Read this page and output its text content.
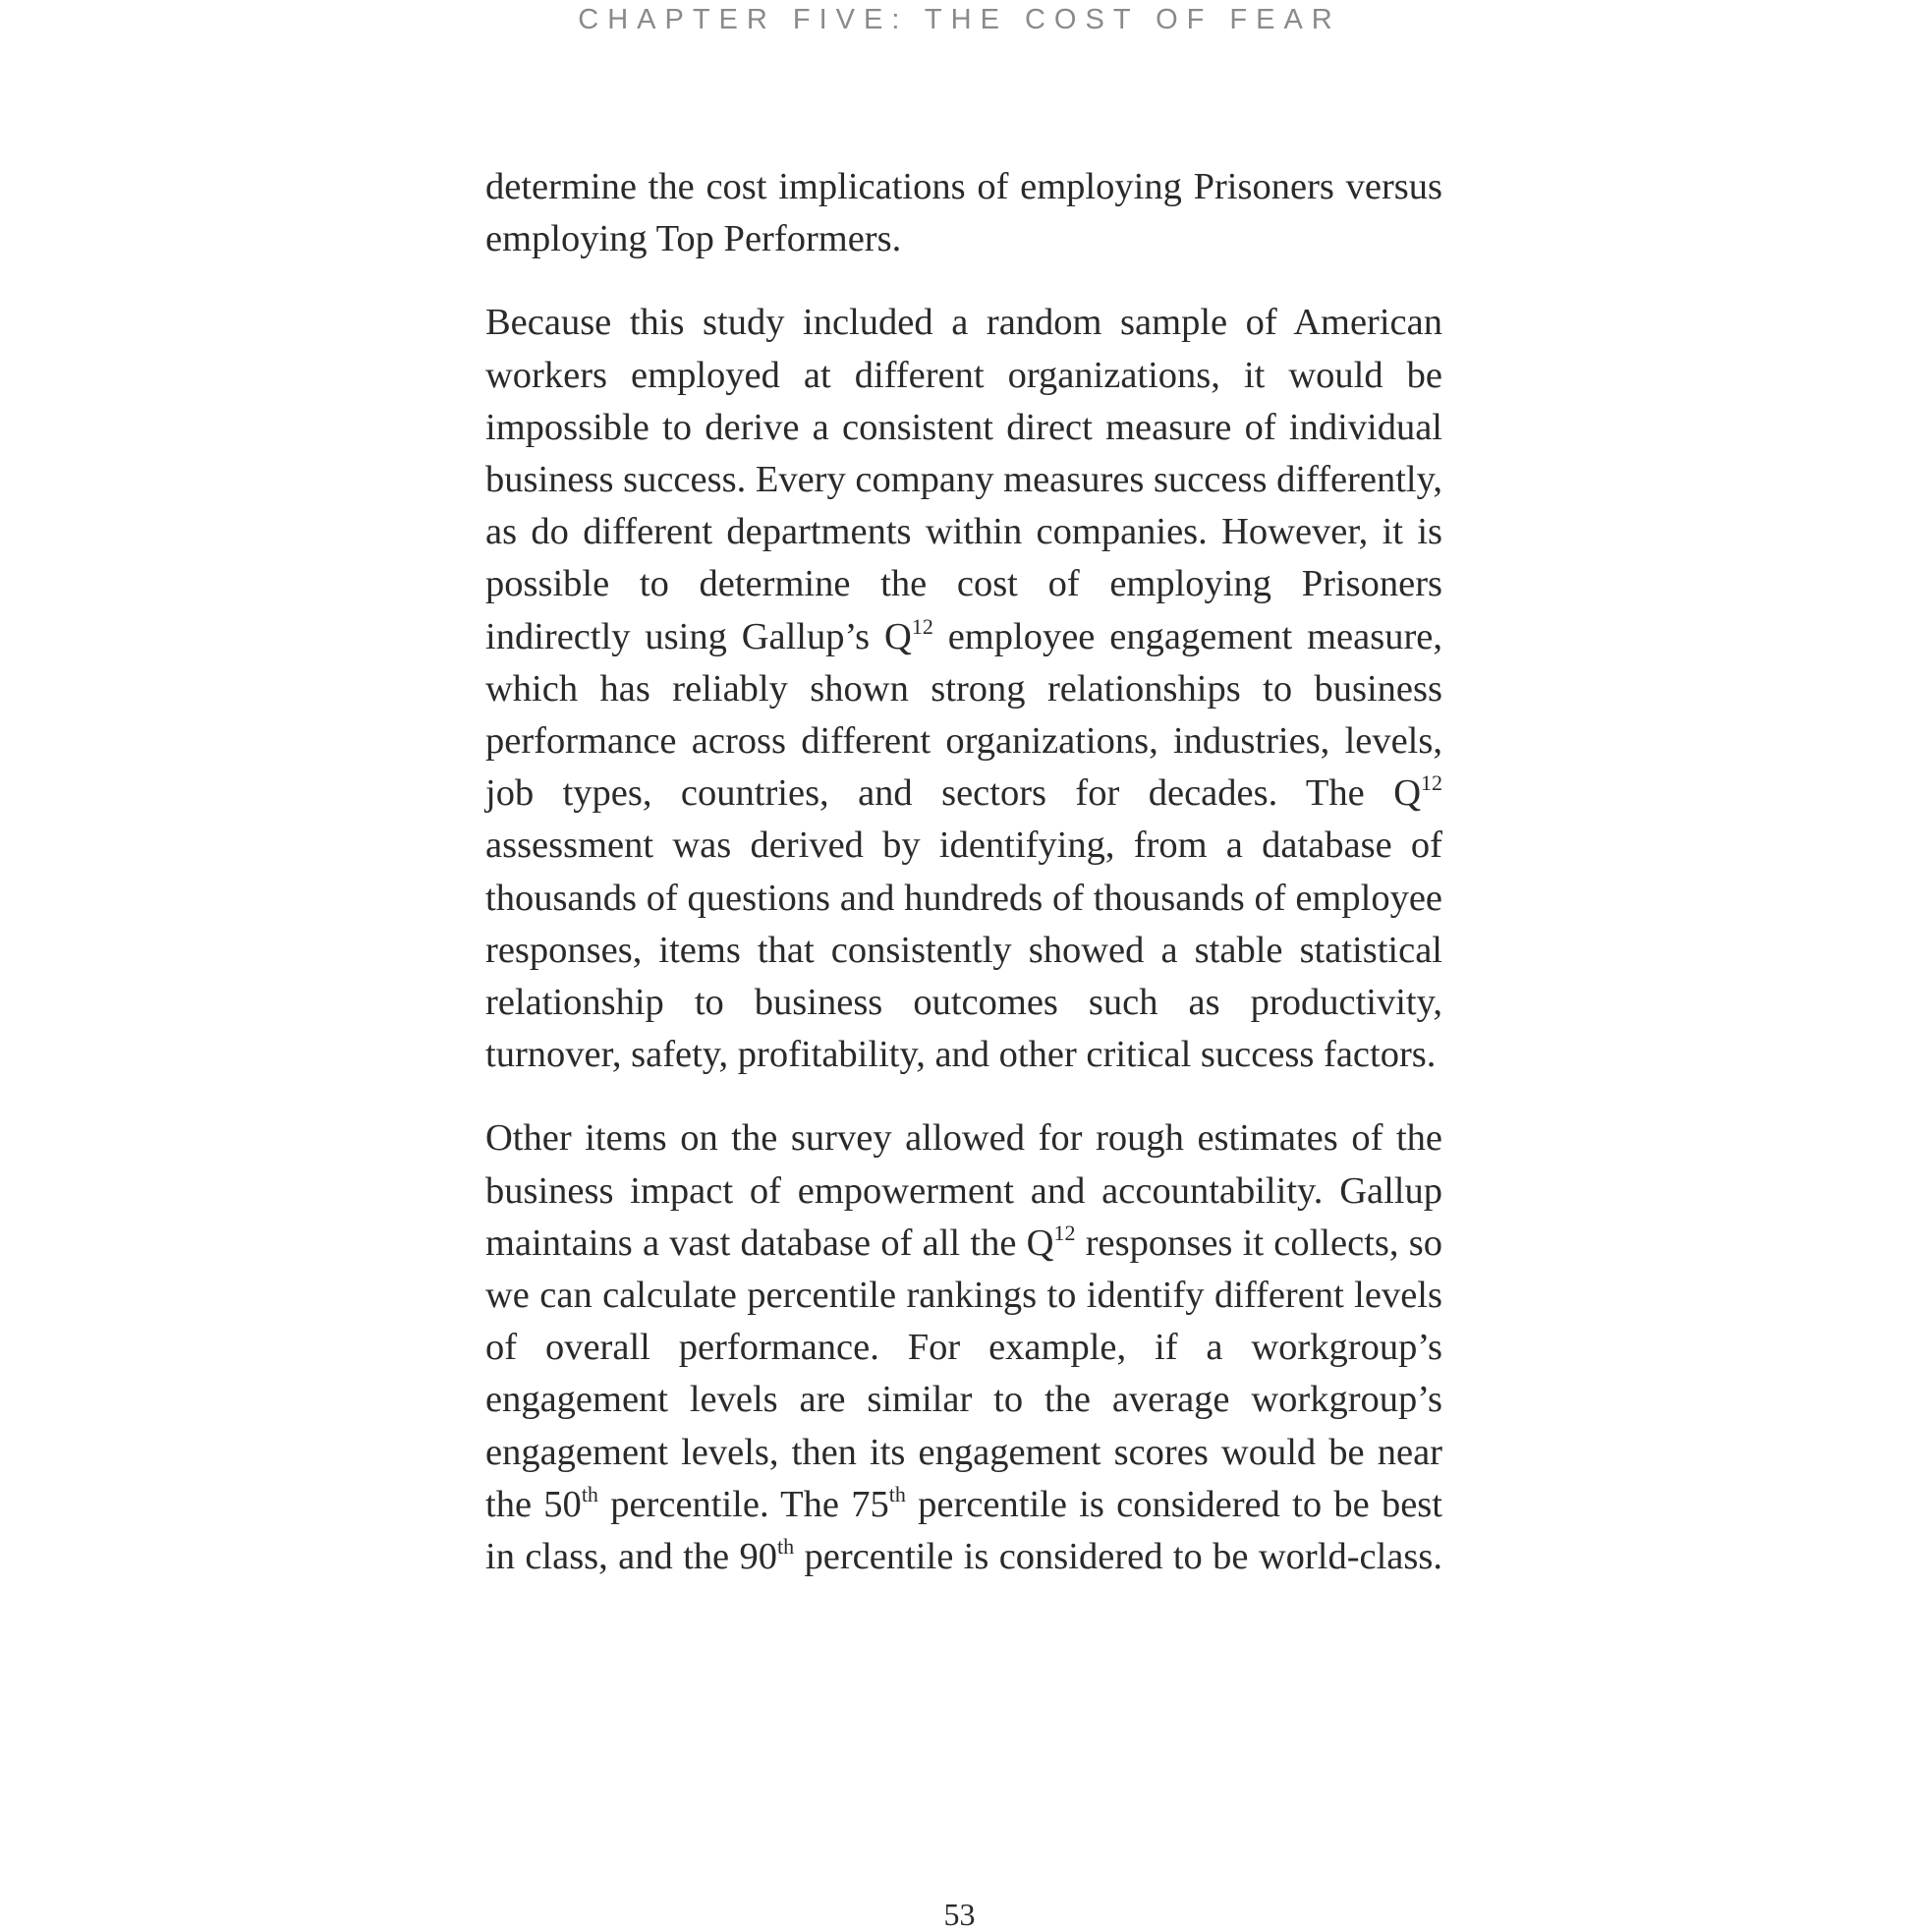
CHAPTER FIVE: THE COST OF FEAR

determine the cost implications of employing Prisoners versus employing Top Performers.

Because this study included a random sample of American workers employed at different organizations, it would be impossible to derive a consistent direct measure of individual business success. Every company measures success differently, as do different departments within companies. However, it is possible to determine the cost of employing Prisoners indirectly using Gallup’s $Q^{12}$ employee engagement measure, which has reliably shown strong relationships to business performance across different organizations, industries, levels, job types, countries, and sectors for decades. The $Q^{12}$ assessment was derived by identifying, from a database of thousands of questions and hundreds of thousands of employee responses, items that consistently showed a stable statistical relationship to business outcomes such as productivity, turnover, safety, profitability, and other critical success factors.

Other items on the survey allowed for rough estimates of the business impact of empowerment and accountability. Gallup maintains a vast database of all the $Q^{12}$ responses it collects, so we can calculate percentile rankings to identify different levels of overall performance. For example, if a workgroup’s engagement levels are similar to the average workgroup’s engagement levels, then its engagement scores would be near the 50th percentile. The 75th percentile is considered to be best in class, and the 90th percentile is considered to be world-class.

53
